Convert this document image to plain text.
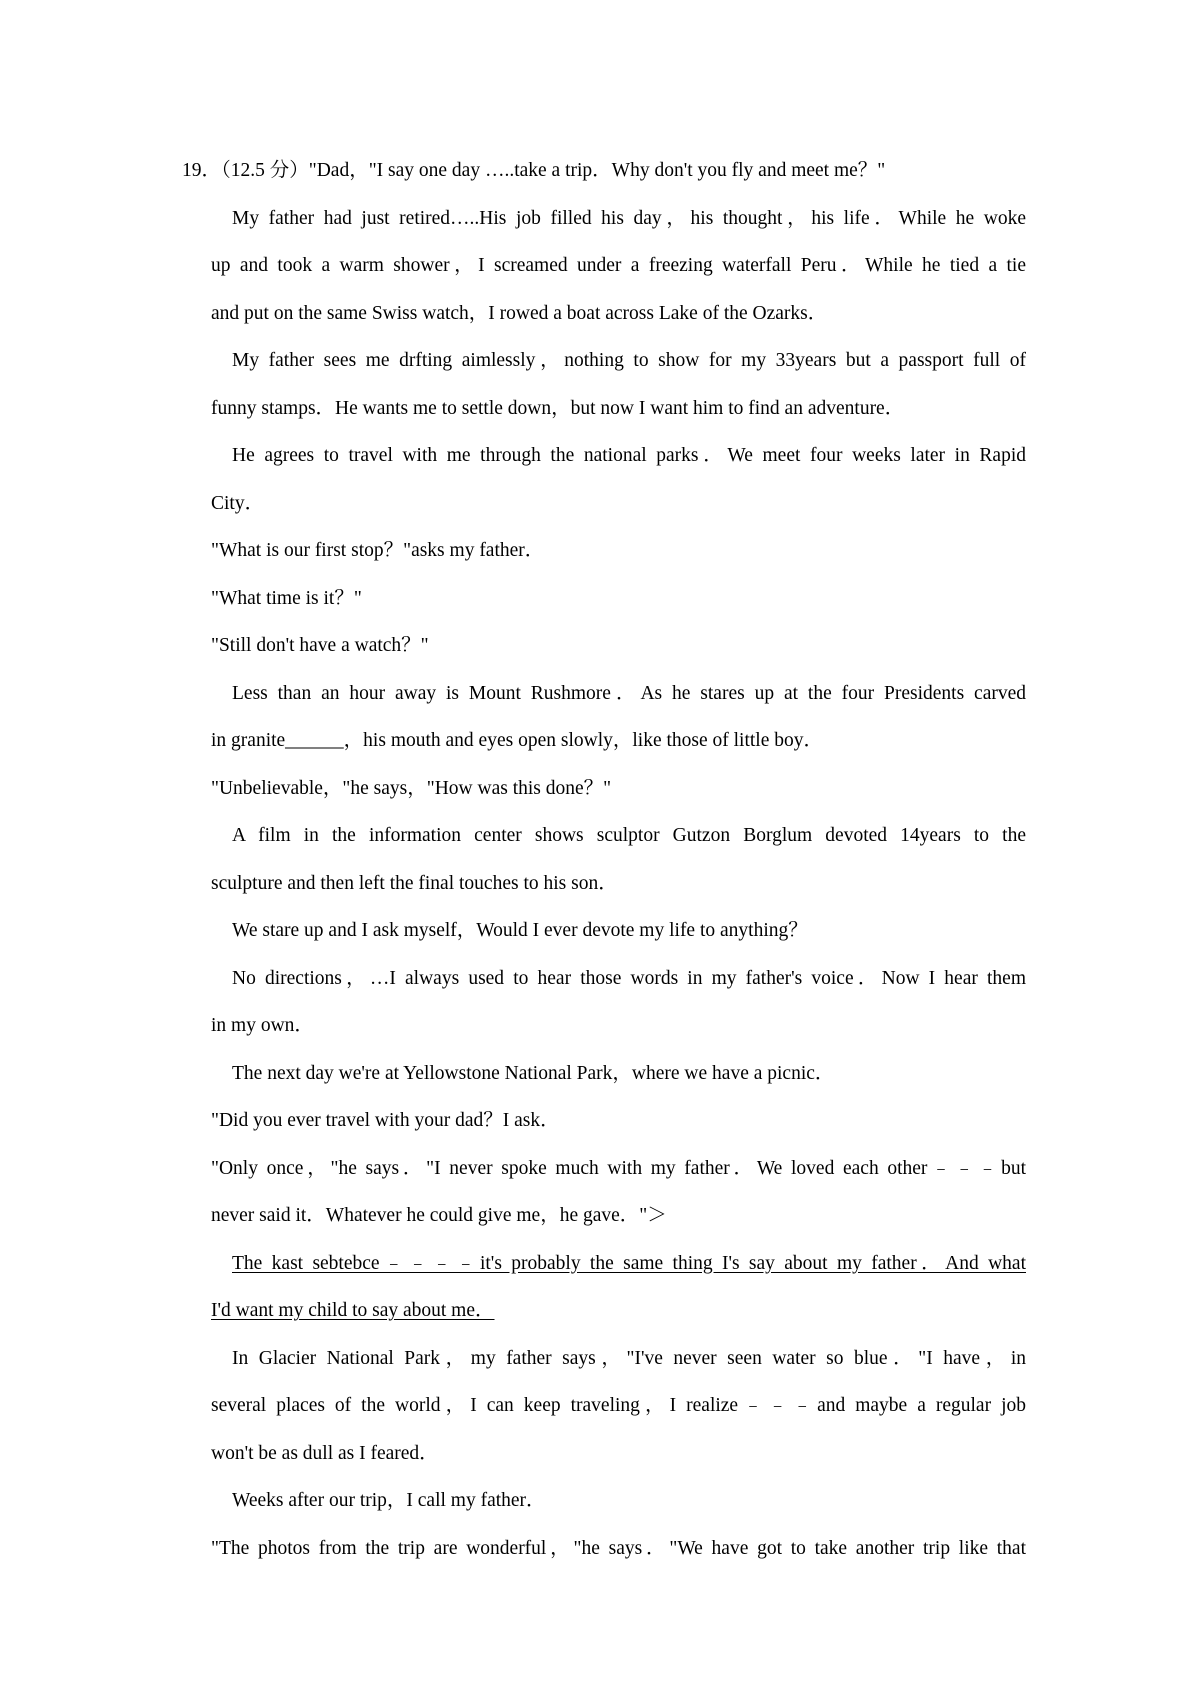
19．（12.5 分）"Dad，"I say one day …..take a trip．Why don't you fly and meet me？"
My father had just retired…..His job filled his day，his thought，his life．While he woke
up and took a warm shower，I screamed under a freezing waterfall Peru．While he tied a tie
and put on the same Swiss watch，I rowed a boat across Lake of the Ozarks．
My father sees me drfting aimlessly，nothing to show for my 33years but a passport full of
funny stamps．He wants me to settle down，but now I want him to find an adventure．
He agrees to travel with me through the national parks．We meet four weeks later in Rapid
City．
"What is our first stop？"asks my father．
"What time is it？"
"Still don't have a watch？"
Less than an hour away is Mount Rushmore．As he stares up at the four Presidents carved
in granite______，his mouth and eyes open slowly，like those of little boy．
"Unbelievable，"he says，"How was this done？"
A film in the information center shows sculptor Gutzon Borglum devoted 14years to the
sculpture and then left the final touches to his son．
We stare up and I ask myself，Would I ever devote my life to anything？
No directions，…I always used to hear those words in my father's voice．Now I hear them
in my own．
The next day we're at Yellowstone National Park，where we have a picnic．
"Did you ever travel with your dad？I ask．
"Only once，"he says．"I never spoke much with my father．We loved each other﹣﹣﹣but
never said it．Whatever he could give me，he gave．"＞
The kast sebtebce﹣﹣﹣﹣it's probably the same thing I's say about my father．And what
I'd want my child to say about me．
In Glacier National Park，my father says，"I've never seen water so blue．"I have，in
several places of the world，I can keep traveling，I realize﹣﹣﹣and maybe a regular job
won't be as dull as I feared．
Weeks after our trip，I call my father．
"The photos from the trip are wonderful，"he says．"We have got to take another trip like that
